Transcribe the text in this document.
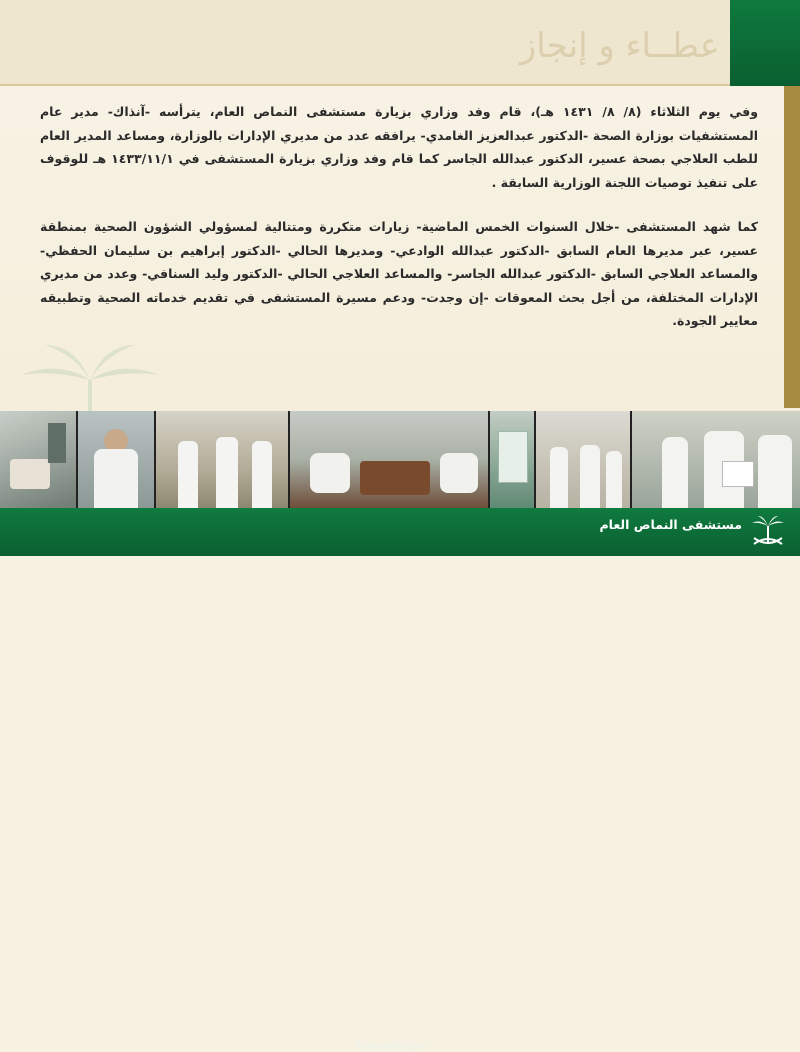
عطــاء و إنجاز

وفي يوم الثلاثاء (٨/ ٨/ ١٤٣١ هـ)، قام وفد وزاري بزيارة مستشفى النماص العام، يترأسه -آنذاك- مدير عام المستشفيات بوزارة الصحة -الدكتور عبدالعزيز الغامدي- يرافقه عدد من مديري الإدارات بالوزارة، ومساعد المدير العام للطب العلاجي بصحة عسير، الدكتور عبدالله الجاسر كما قام وفد وزاري بزيارة المستشفى في ١٤٣٣/١١/١ هـ للوقوف على تنفيذ توصيات اللجنة الوزارية السابقة .

كما شهد المستشفى -خلال السنوات الخمس الماضية- زيارات متكررة ومتتالية لمسؤولي الشؤون الصحية بمنطقة عسير، عبر مديرها العام السابق -الدكتور عبدالله الوادعي- ومديرها الحالي -الدكتور إبراهيم بن سليمان الحفظي- والمساعد العلاجي السابق -الدكتور عبدالله الجاسر- والمساعد العلاجي الحالي -الدكتور وليد السنافي- وعدد من مديري الإدارات المختلفة، من أجل بحث المعوقات -إن وجدت- ودعم مسيرة المستشفى في تقديم خدماته الصحية وتطبيقه معايير الجودة.

مستشفى النماص العام
Tanomah.com
